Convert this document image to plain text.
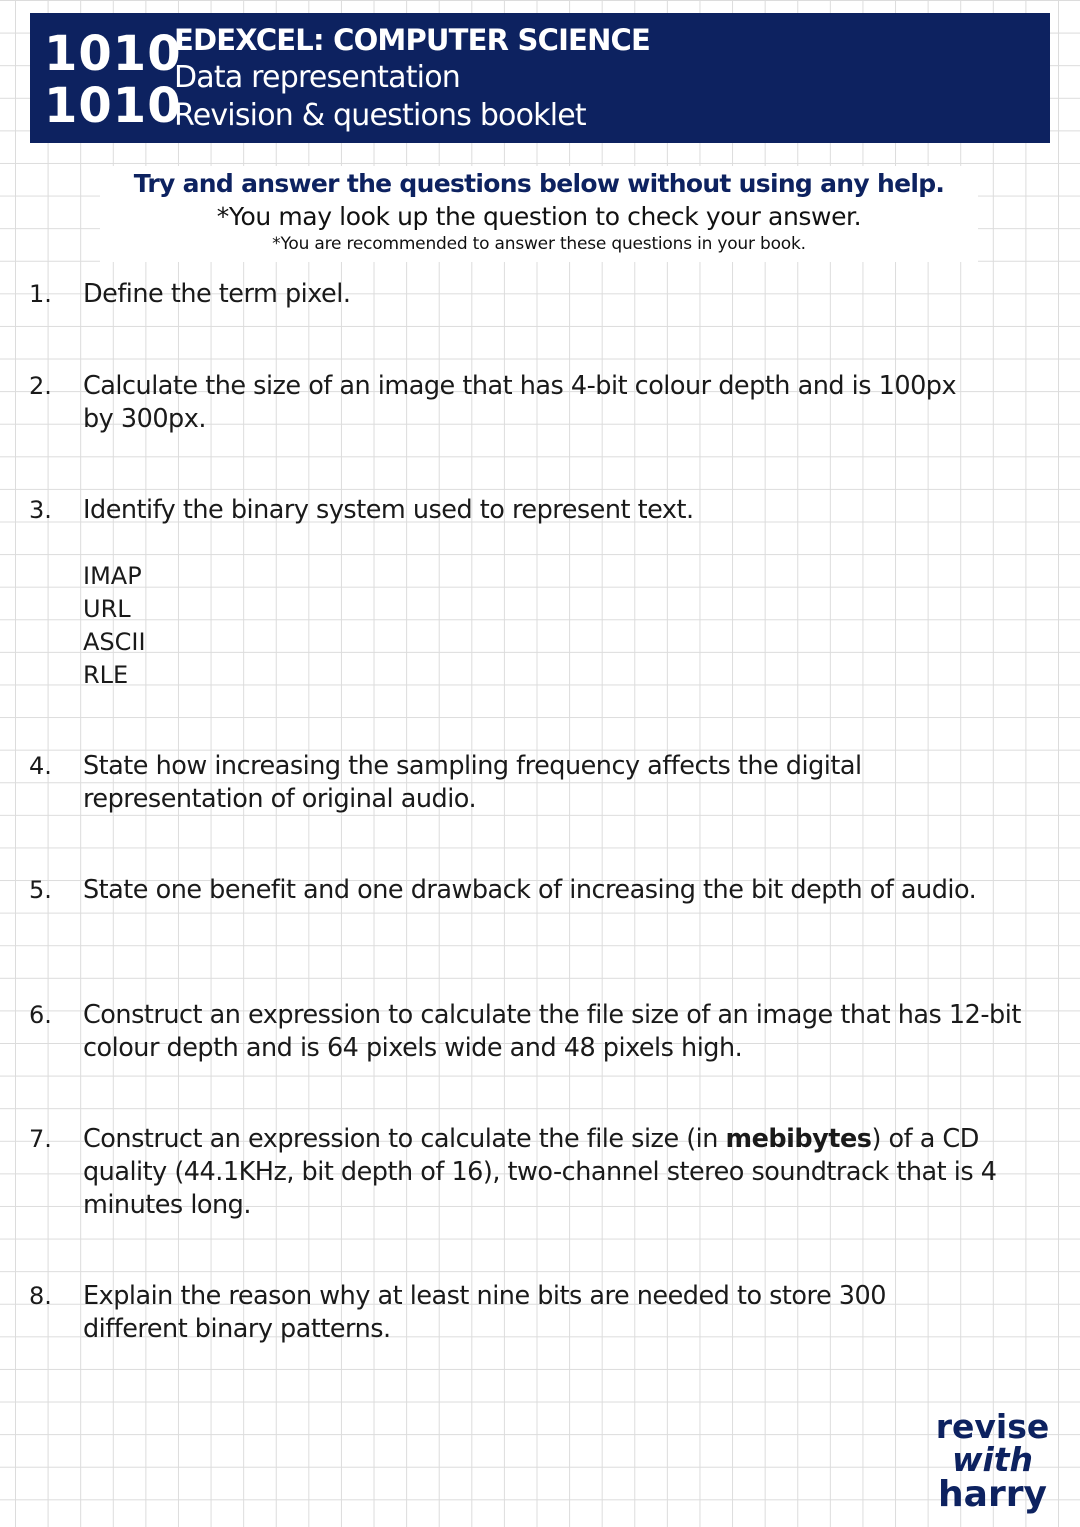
1010
1010
EDEXCEL: COMPUTER SCIENCE
Data representation
Revision & questions booklet
Try and answer the questions below without using any help.
*You may look up the question to check your answer.
*You are recommended to answer these questions in your book.
1. Define the term pixel.
2. Calculate the size of an image that has 4-bit colour depth and is 100px by 300px.
3. Identify the binary system used to represent text.
IMAP
URL
ASCII
RLE
4. State how increasing the sampling frequency affects the digital representation of original audio.
5. State one benefit and one drawback of increasing the bit depth of audio.
6. Construct an expression to calculate the file size of an image that has 12-bit colour depth and is 64 pixels wide and 48 pixels high.
7. Construct an expression to calculate the file size (in mebibytes) of a CD quality (44.1KHz, bit depth of 16), two-channel stereo soundtrack that is 4 minutes long.
8. Explain the reason why at least nine bits are needed to store 300 different binary patterns.
revise
with
harry
